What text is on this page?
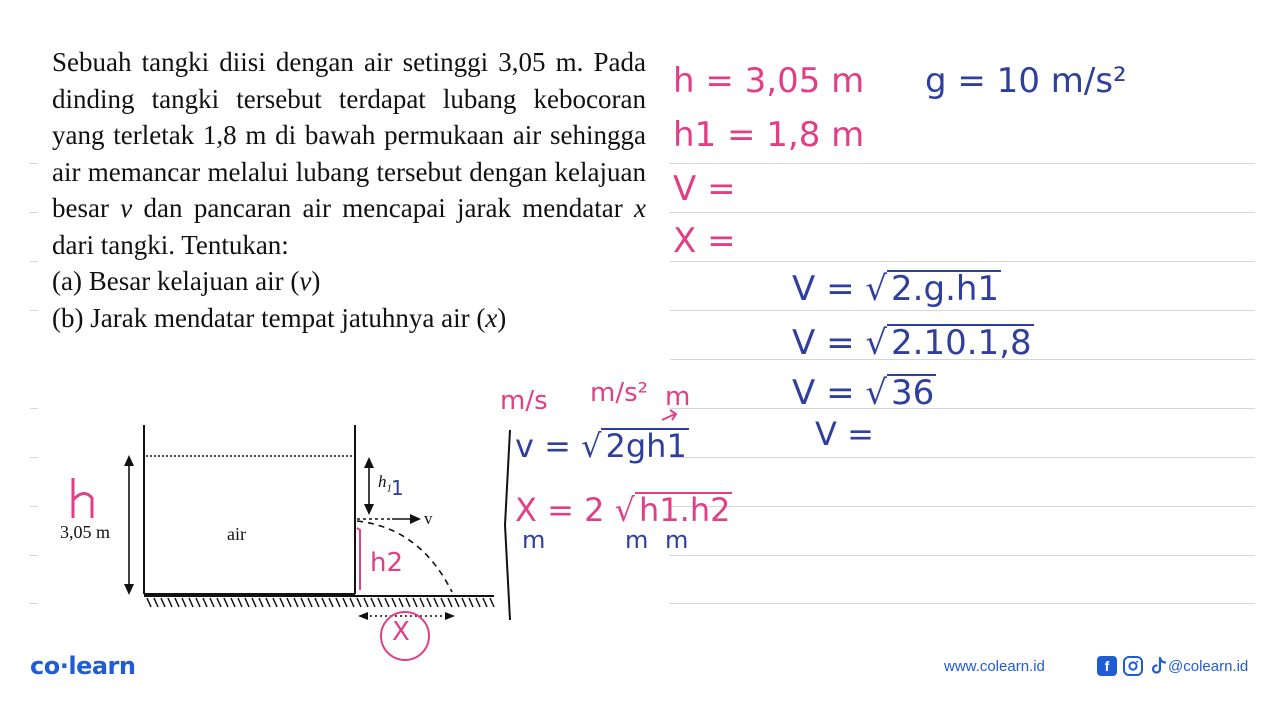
Sebuah tangki diisi dengan air setinggi 3,05 m. Pada dinding tangki tersebut terdapat lubang kebocoran yang terletak 1,8 m di bawah permukaan air sehingga air memancar melalui lubang tersebut dengan kelajuan besar v dan pancaran air mencapai jarak mendatar x dari tangki. Tentukan:

(a) Besar kelajuan air (v)

(b) Jarak mendatar tempat jatuhnya air (x)

3,05 m	air
$h_1$
v
1
h2
X
h = 3,05 m g = 10 m/s²
h1 = 1,8 m
V =
X =
V = √ 2.g.h1
V = √ 2.10.1,8
V = √ 36
V =
m/s m/s² m
v = √ 2gh1
X = 2 √ h1.h2
m	m m
co·learn	www.colearn.id	f	@colearn.id
